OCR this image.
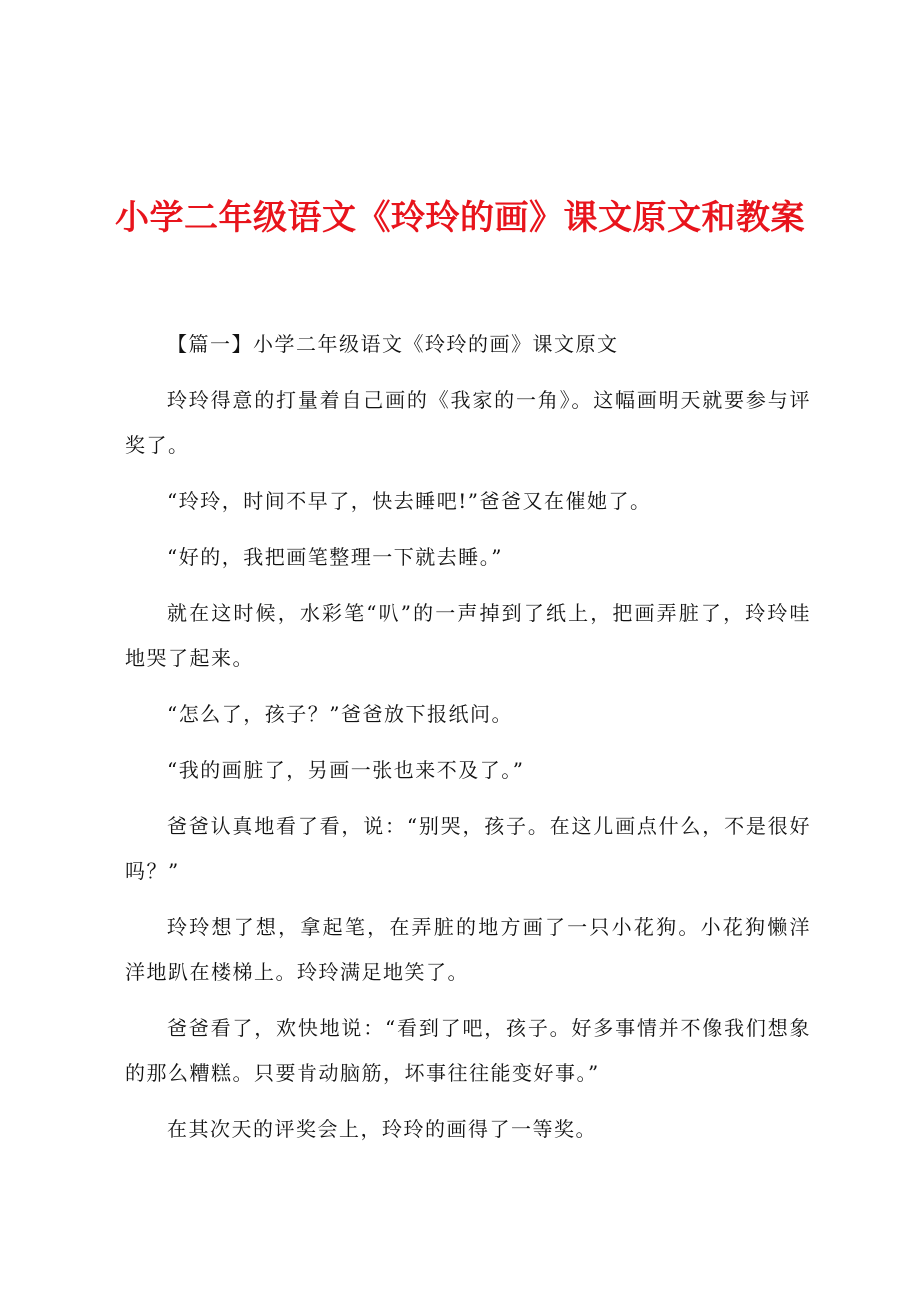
小学二年级语文《玲玲的画》课文原文和教案

【篇一】小学二年级语文《玲玲的画》课文原文

玲玲得意的打量着自己画的《我家的一角》。这幅画明天就要参与评奖了。

“玲玲，时间不早了，快去睡吧!”爸爸又在催她了。

“好的，我把画笔整理一下就去睡。”

就在这时候，水彩笔“叭”的一声掉到了纸上，把画弄脏了，玲玲哇地哭了起来。

“怎么了，孩子？”爸爸放下报纸问。

“我的画脏了，另画一张也来不及了。”

爸爸认真地看了看，说：“别哭，孩子。在这儿画点什么，不是很好吗？”

玲玲想了想，拿起笔，在弄脏的地方画了一只小花狗。小花狗懒洋洋地趴在楼梯上。玲玲满足地笑了。

爸爸看了，欢快地说：“看到了吧，孩子。好多事情并不像我们想象的那么糟糕。只要肯动脑筋，坏事往往能变好事。”

在其次天的评奖会上，玲玲的画得了一等奖。
